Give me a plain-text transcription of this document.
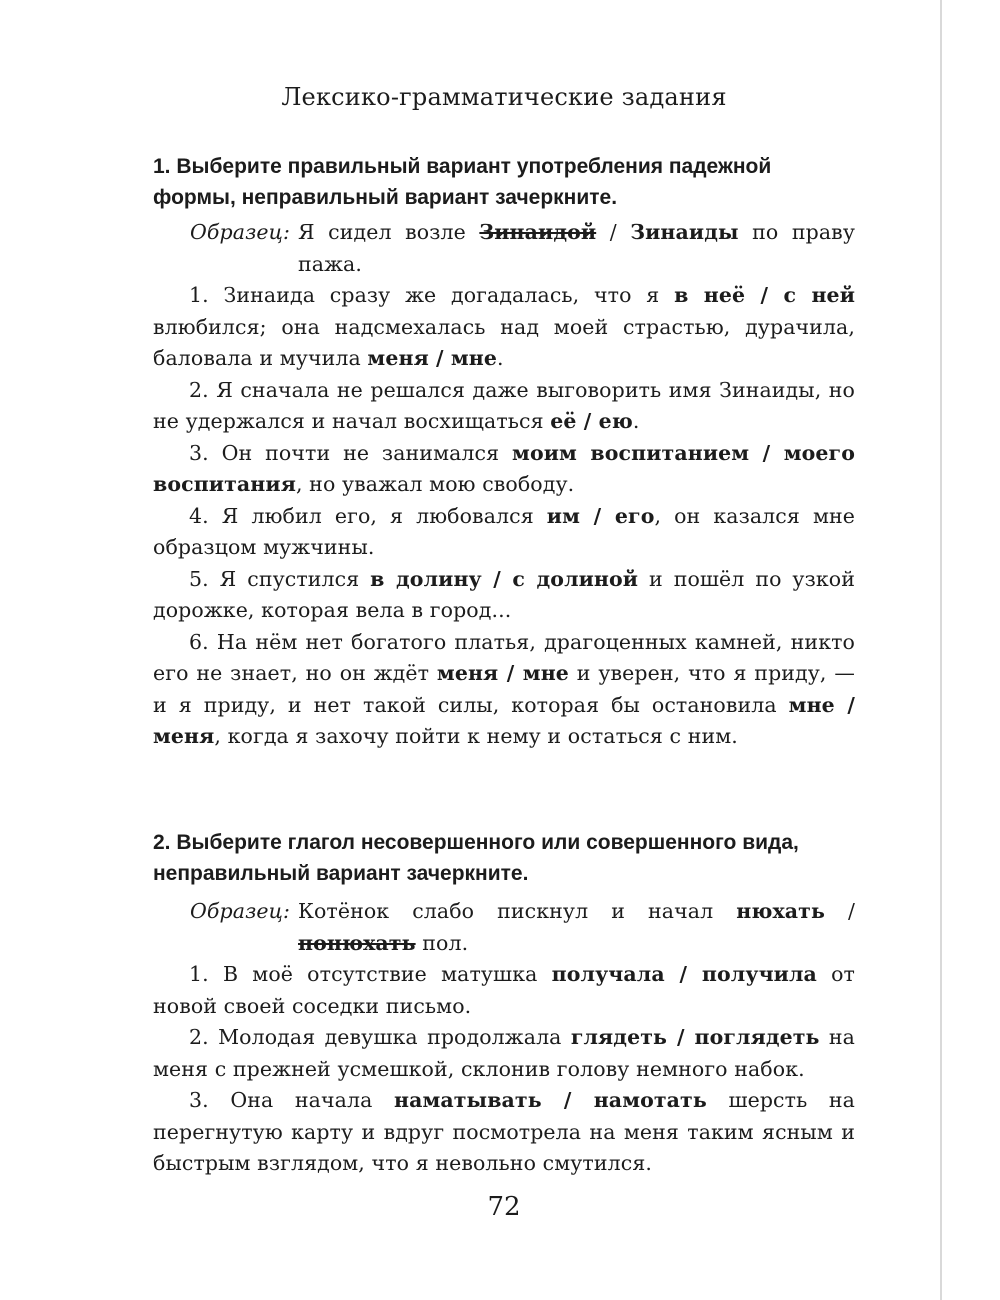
Лексико-грамматические задания
1. Выберите правильный вариант употребления падежной формы, неправильный вариант зачеркните.
Образец: Я сидел возле Зинаидой / Зинаиды по праву пажа.

1. Зинаида сразу же догадалась, что я в неё / с ней влюбился; она надсмехалась над моей страстью, дурачила, баловала и мучила меня / мне.

2. Я сначала не решался даже выговорить имя Зинаиды, но не удержался и начал восхищаться её / ею.

3. Он почти не занимался моим воспитанием / моего воспитания, но уважал мою свободу.

4. Я любил его, я любовался им / его, он казался мне образцом мужчины.

5. Я спустился в долину / с долиной и пошёл по узкой дорожке, которая вела в город...

6. На нём нет богатого платья, драгоценных камней, никто его не знает, но он ждёт меня / мне и уверен, что я приду, — и я приду, и нет такой силы, которая бы остановила мне / меня, когда я захочу пойти к нему и остаться с ним.

2. Выберите глагол несовершенного или совершенного вида, неправильный вариант зачеркните.
Образец: Котёнок слабо пискнул и начал нюхать / понюхать пол.

1. В моё отсутствие матушка получала / получила от новой своей соседки письмо.

2. Молодая девушка продолжала глядеть / поглядеть на меня с прежней усмешкой, склонив голову немного набок.

3. Она начала наматывать / намотать шерсть на перегнутую карту и вдруг посмотрела на меня таким ясным и быстрым взглядом, что я невольно смутился.

72
